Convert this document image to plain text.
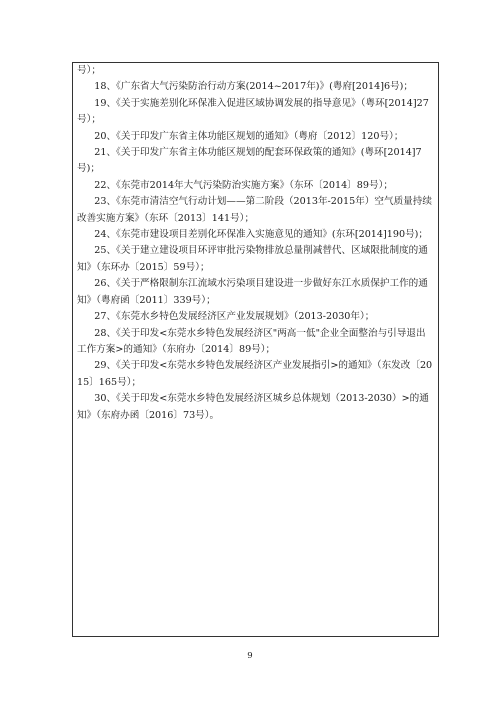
号）；

18、《广东省大气污染防治行动方案(2014~2017年)》(粤府[2014]6号)；

19、《关于实施差别化环保准入促进区域协调发展的指导意见》（粤环[2014]27号）；

20、《关于印发广东省主体功能区规划的通知》（粤府〔2012〕120号）；

21、《关于印发广东省主体功能区规划的配套环保政策的通知》(粤环[2014]7号)；

22、《东莞市2014年大气污染防治实施方案》（东环〔2014〕89号）；

23、《东莞市清洁空气行动计划——第二阶段（2013年-2015年）空气质量持续改善实施方案》（东环〔2013〕141号）；

24、《东莞市建设项目差别化环保准入实施意见的通知》(东环[2014]190号)；

25、《关于建立建设项目环评审批污染物排放总量削减替代、区域限批制度的通知》（东环办〔2015〕59号）；

26、《关于严格限制东江流域水污染项目建设进一步做好东江水质保护工作的通知》（粤府函〔2011〕339号）；

27、《东莞水乡特色发展经济区产业发展规划》（2013-2030年）；

28、《关于印发<东莞水乡特色发展经济区"两高一低"企业全面整治与引导退出工作方案>的通知》（东府办〔2014〕89号）；

29、《关于印发<东莞水乡特色发展经济区产业发展指引>的通知》（东发改〔2015〕165号）；

30、《关于印发<东莞水乡特色发展经济区城乡总体规划（2013-2030）>的通知》（东府办函〔2016〕73号）。

9
